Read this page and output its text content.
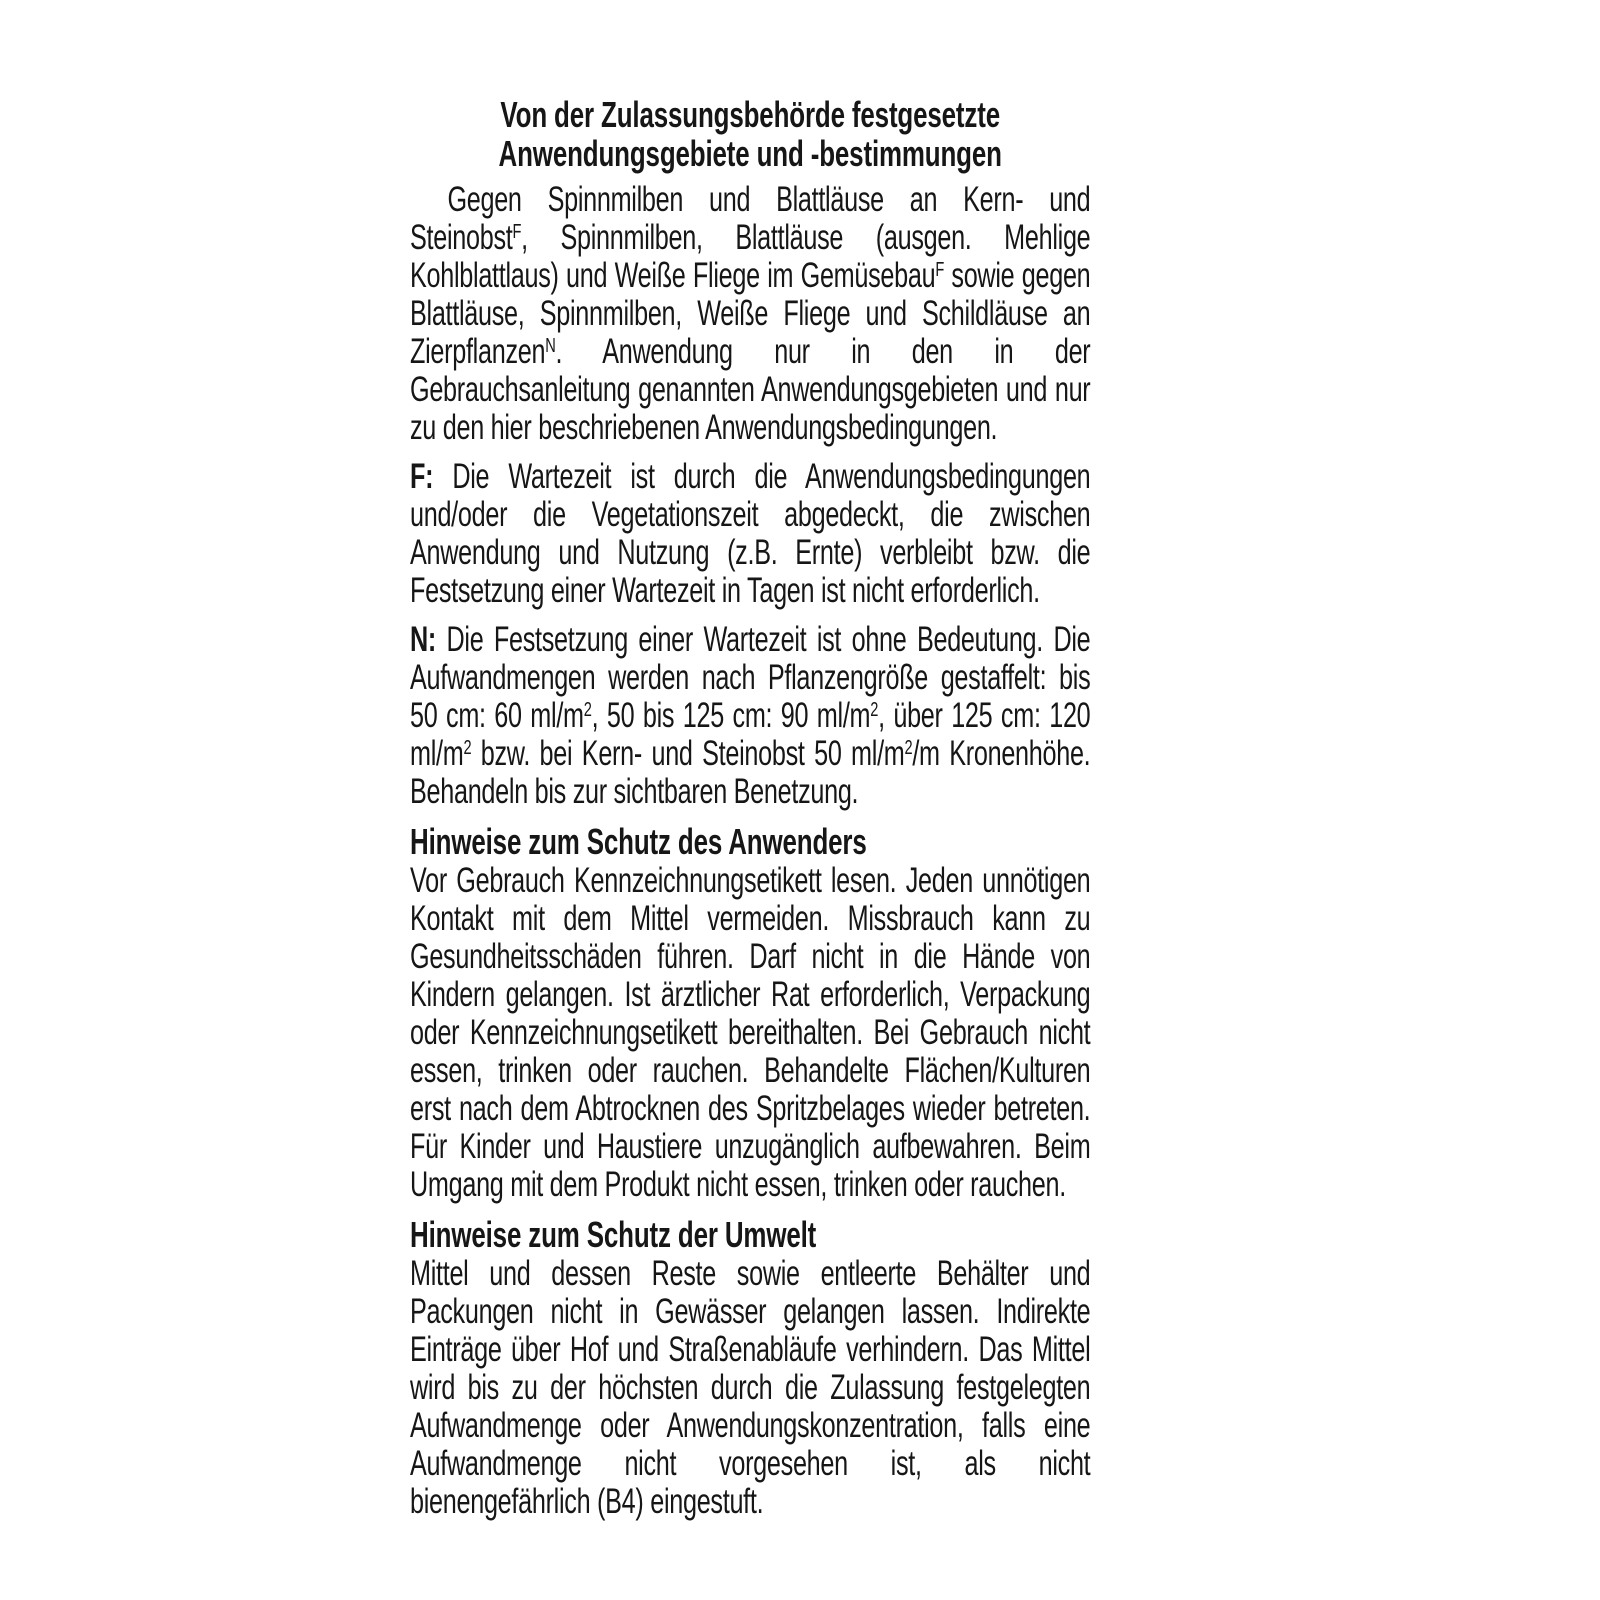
Von der Zulassungsbehörde festgesetzte
Anwendungsgebiete und -bestimmungen

Gegen Spinnmilben und Blattläuse an Kern- und Steinobst$^F$, Spinnmilben, Blattläuse (ausgen. Mehlige Kohlblattlaus) und Weiße Fliege im Gemüsebau$^F$ sowie gegen Blattläuse, Spinnmilben, Weiße Fliege und Schildläuse an Zierpflanzen$^N$. Anwendung nur in den in der Gebrauchsanleitung genannten Anwendungsgebieten und nur zu den hier beschriebenen Anwendungsbedingungen.

F: Die Wartezeit ist durch die Anwendungsbedingungen und/oder die Vegetationszeit abgedeckt, die zwischen Anwendung und Nutzung (z.B. Ernte) verbleibt bzw. die Festsetzung einer Wartezeit in Tagen ist nicht erforderlich.

N: Die Festsetzung einer Wartezeit ist ohne Bedeutung. Die Aufwandmengen werden nach Pflanzengröße gestaffelt: bis 50 cm: 60 $ml/m^2$, 50 bis 125 cm: 90 $ml/m^2$, über 125 cm: 120 $ml/m^2$ bzw. bei Kern- und Steinobst 50 $ml/m^2/m$ Kronenhöhe. Behandeln bis zur sichtbaren Benetzung.

Hinweise zum Schutz des Anwenders

Vor Gebrauch Kennzeichnungsetikett lesen. Jeden unnötigen Kontakt mit dem Mittel vermeiden. Missbrauch kann zu Gesundheitsschäden führen. Darf nicht in die Hände von Kindern gelangen. Ist ärztlicher Rat erforderlich, Verpackung oder Kennzeichnungsetikett bereithalten. Bei Gebrauch nicht essen, trinken oder rauchen. Behandelte Flächen/Kulturen erst nach dem Abtrocknen des Spritzbelages wieder betreten. Für Kinder und Haustiere unzugänglich aufbewahren. Beim Umgang mit dem Produkt nicht essen, trinken oder rauchen.

Hinweise zum Schutz der Umwelt

Mittel und dessen Reste sowie entleerte Behälter und Packungen nicht in Gewässer gelangen lassen. Indirekte Einträge über Hof und Straßenabläufe verhindern. Das Mittel wird bis zu der höchsten durch die Zulassung festgelegten Aufwandmenge oder Anwendungskonzentration, falls eine Aufwandmenge nicht vorgesehen ist, als nicht bienengefährlich (B4) eingestuft.
